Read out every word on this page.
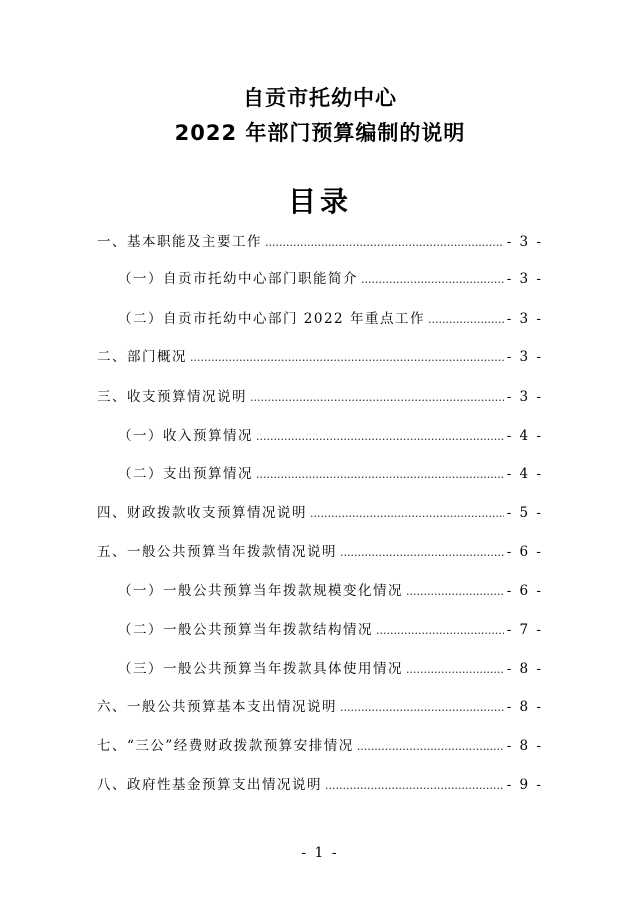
自贡市托幼中心
2022 年部门预算编制的说明
目录
一、基本职能及主要工作 .....	- 3 -
（一）自贡市托幼中心部门职能简介 .....	- 3 -
（二）自贡市托幼中心部门 2022 年重点工作 .....	- 3 -
二、部门概况 .....	- 3 -
三、收支预算情况说明 .....	- 3 -
（一）收入预算情况 .....	- 4 -
（二）支出预算情况 .....	- 4 -
四、财政拨款收支预算情况说明 .....	- 5 -
五、一般公共预算当年拨款情况说明 .....	- 6 -
（一）一般公共预算当年拨款规模变化情况 .....	- 6 -
（二）一般公共预算当年拨款结构情况 .....	- 7 -
（三）一般公共预算当年拨款具体使用情况 .....	- 8 -
六、一般公共预算基本支出情况说明 .....	- 8 -
七、“三公”经费财政拨款预算安排情况 .....	- 8 -
八、政府性基金预算支出情况说明 .....	- 9 -
- 1 -
